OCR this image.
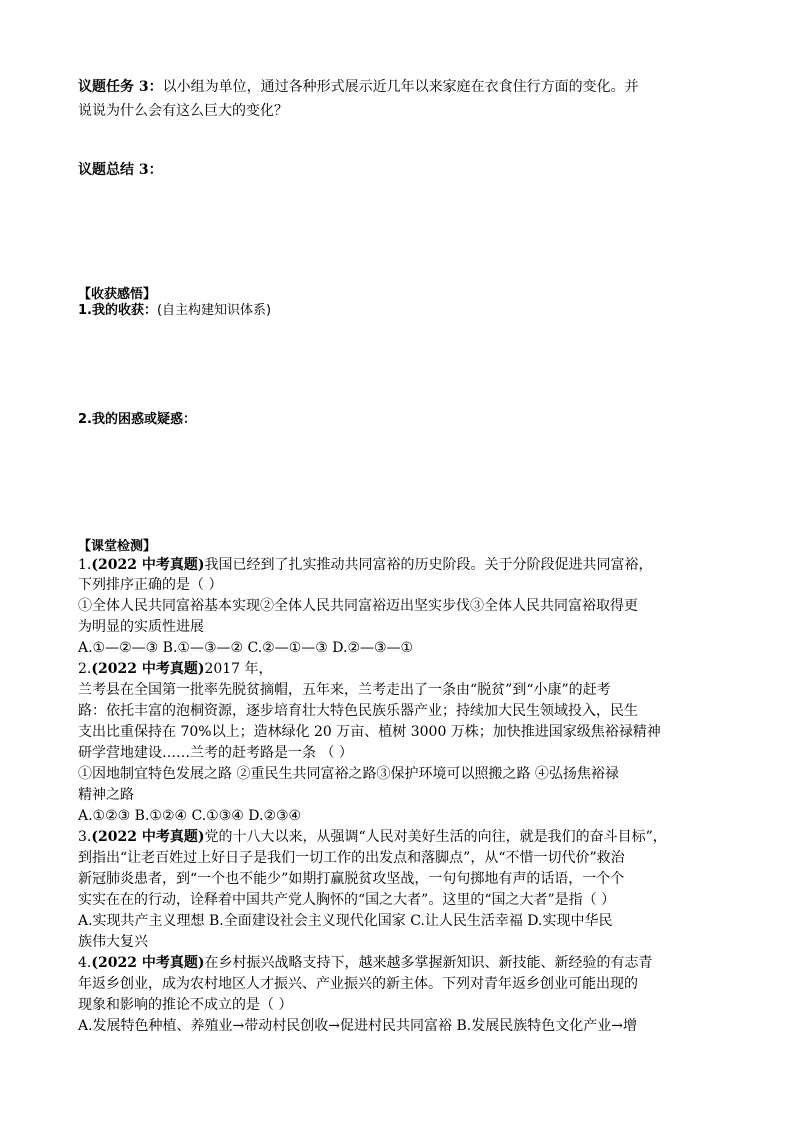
议题任务 3：以小组为单位，通过各种形式展示近几年以来家庭在衣食住行方面的变化。并
说说为什么会有这么巨大的变化？
议题总结 3：
【收获感悟】
1.我的收获：(自主构建知识体系)
2.我的困惑或疑惑：
【课堂检测】
1.(2022 中考真题)我国已经到了扎实推动共同富裕的历史阶段。关于分阶段促进共同富裕，
下列排序正确的是（ ）
①全体人民共同富裕基本实现②全体人民共同富裕迈出坚实步伐③全体人民共同富裕取得更
为明显的实质性进展
A.①—②—③ B.①—③—② C.②—①—③ D.②—③—①
2.(2022 中考真题)2017 年，
兰考县在全国第一批率先脱贫摘帽，五年来，兰考走出了一条由“脱贫”到“小康”的赶考
路：依托丰富的泡桐资源，逐步培育壮大特色民族乐器产业；持续加大民生领域投入，民生
支出比重保持在 70%以上；造林绿化 20 万亩、植树 3000 万株；加快推进国家级焦裕禄精神
研学营地建设……兰考的赶考路是一条 （ ）
①因地制宜特色发展之路 ②重民生共同富裕之路③保护环境可以照搬之路 ④弘扬焦裕禄
精神之路
A.①②③ B.①②④ C.①③④ D.②③④
3.(2022 中考真题)党的十八大以来，从强调“人民对美好生活的向往，就是我们的奋斗目标”，
到指出“让老百姓过上好日子是我们一切工作的出发点和落脚点”，从“不惜一切代价”救治
新冠肺炎患者，到“一个也不能少”如期打赢脱贫攻坚战，一句句掷地有声的话语，一个个
实实在在的行动，诠释着中国共产党人胸怀的“国之大者”。这里的“国之大者”是指（ ）
A.实现共产主义理想 B.全面建设社会主义现代化国家 C.让人民生活幸福 D.实现中华民
族伟大复兴
4.(2022 中考真题)在乡村振兴战略支持下，越来越多掌握新知识、新技能、新经验的有志青
年返乡创业，成为农村地区人才振兴、产业振兴的新主体。下列对青年返乡创业可能出现的
现象和影响的推论不成立的是（ ）
A.发展特色种植、养殖业→带动村民创收→促进村民共同富裕 B.发展民族特色文化产业→增
